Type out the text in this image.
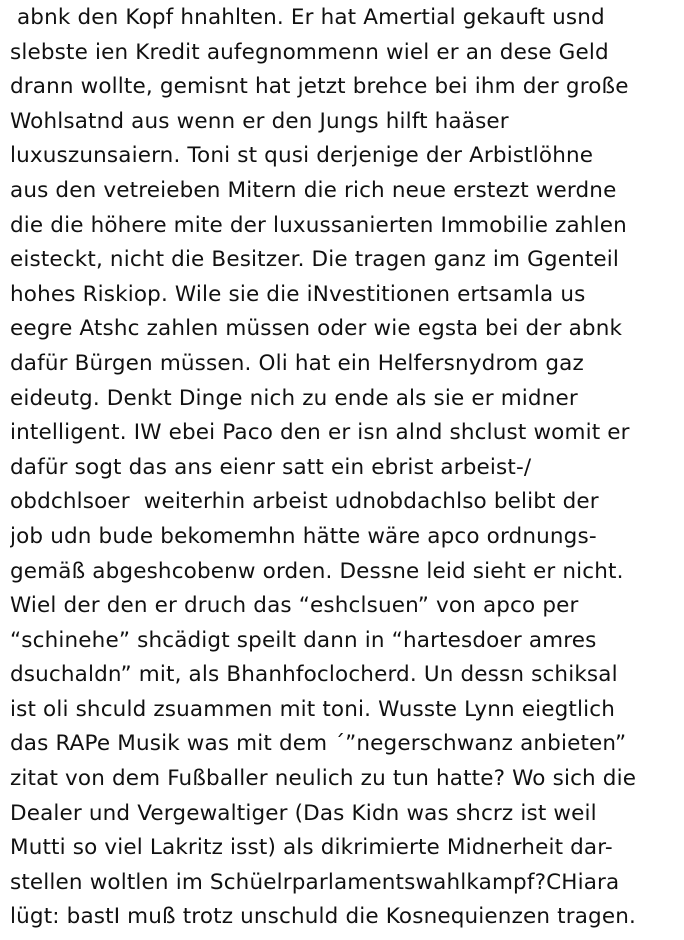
abnk den Kopf hnahlten. Er hat Amertial gekauft usnd
slebste ien Kredit aufegnommenn wiel er an dese Geld
drann wollte, gemisnt hat jetzt brehce bei ihm der große
Wohlsatnd aus wenn er den Jungs hilft haäser
luxuszunsaiern. Toni st qusi derjenige der Arbistlöhne
aus den vetreieben Mitern die rich neue erstezt werdne
die die höhere mite der luxussanierten Immobilie zahlen
eisteckt, nicht die Besitzer. Die tragen ganz im Ggenteil
hohes Riskiop. Wile sie die iNvestitionen ertsamla us
eegre Atshc zahlen müssen oder wie egsta bei der abnk
dafür Bürgen müssen. Oli hat ein Helfersnydrom gaz
eideutg. Denkt Dinge nich zu ende als sie er midner
intelligent. IW ebei Paco den er isn alnd shclust womit er
dafür sogt das ans eienr satt ein ebrist arbeist-/
obdchlsoer  weiterhin arbeist udnobdachlso belibt der
job udn bude bekomemhn hätte wäre apco ordnungs-
gemäß abgeshcobenw orden. Dessne leid sieht er nicht.
Wiel der den er druch das “eshclsuen” von apco per
“schinehe” shcädigt speilt dann in “hartesdoer amres
dsuchaldn” mit, als Bhanhfoclocherd. Un dessn schiksal
ist oli shculd zsuammen mit toni. Wusste Lynn eiegtlich
das RAPe Musik was mit dem ´”negerschwanz anbieten”
zitat von dem Fußballer neulich zu tun hatte? Wo sich die
Dealer und Vergewaltiger (Das Kidn was shcrz ist weil
Mutti so viel Lakritz isst) als dikrimierte Midnerheit dar-
stellen woltlen im Schüelrparlamentswahlkampf?CHiara
lügt: bastI muß trotz unschuld die Kosnequienzen tragen.
